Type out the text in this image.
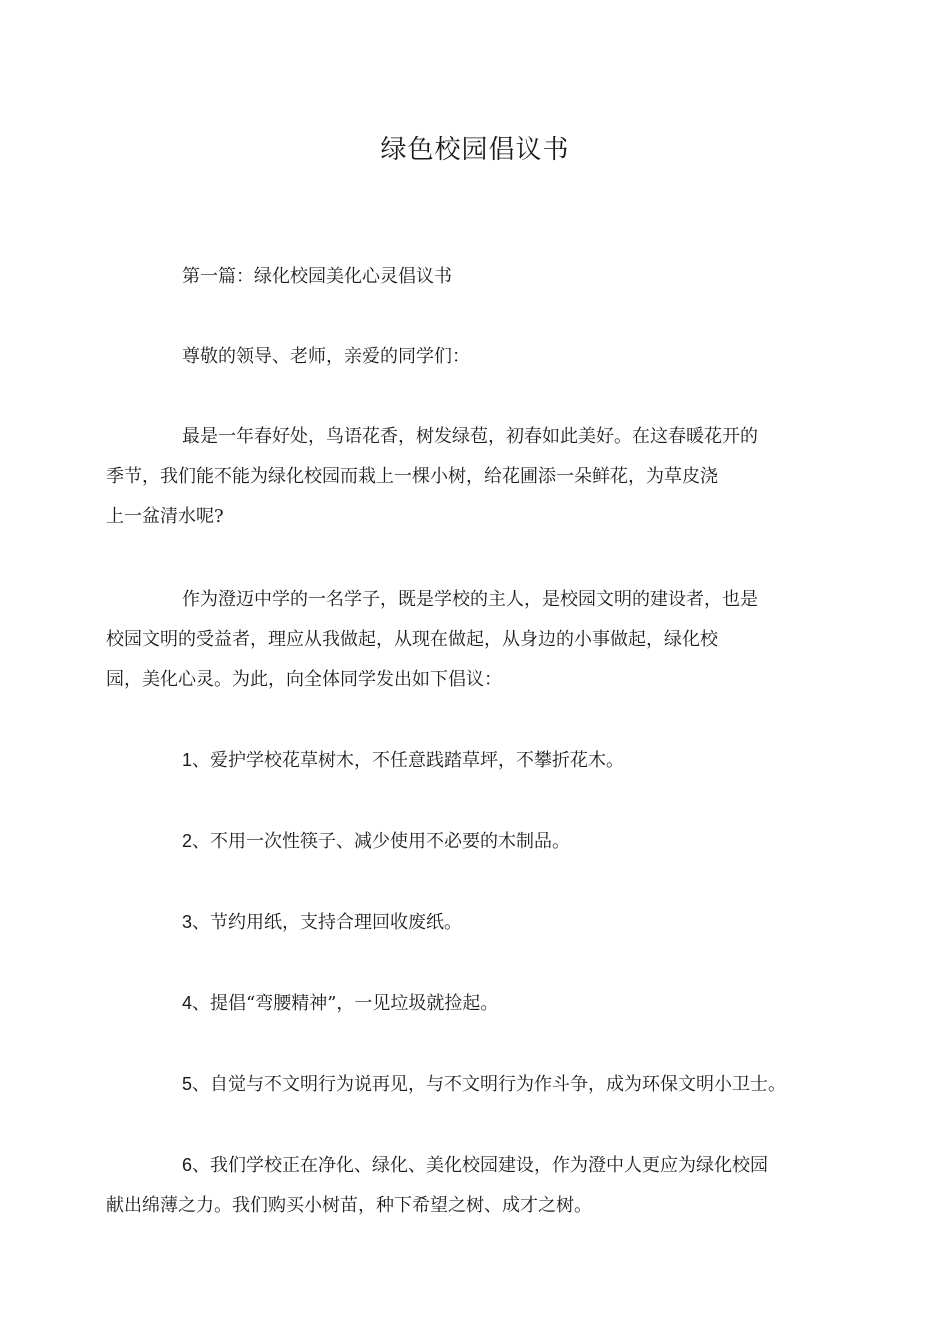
绿色校园倡议书

第一篇：绿化校园美化心灵倡议书

尊敬的领导、老师，亲爱的同学们：

最是一年春好处，鸟语花香，树发绿苞，初春如此美好。在这春暖花开的
季节，我们能不能为绿化校园而栽上一棵小树，给花圃添一朵鲜花，为草皮浇
上一盆清水呢?

作为澄迈中学的一名学子，既是学校的主人，是校园文明的建设者，也是
校园文明的受益者，理应从我做起，从现在做起，从身边的小事做起，绿化校
园，美化心灵。为此，向全体同学发出如下倡议：

1、爱护学校花草树木，不任意践踏草坪，不攀折花木。

2、不用一次性筷子、减少使用不必要的木制品。

3、节约用纸，支持合理回收废纸。

4、提倡“弯腰精神”，一见垃圾就捡起。

5、自觉与不文明行为说再见，与不文明行为作斗争，成为环保文明小卫士。

6、我们学校正在净化、绿化、美化校园建设，作为澄中人更应为绿化校园
献出绵薄之力。我们购买小树苗，种下希望之树、成才之树。
